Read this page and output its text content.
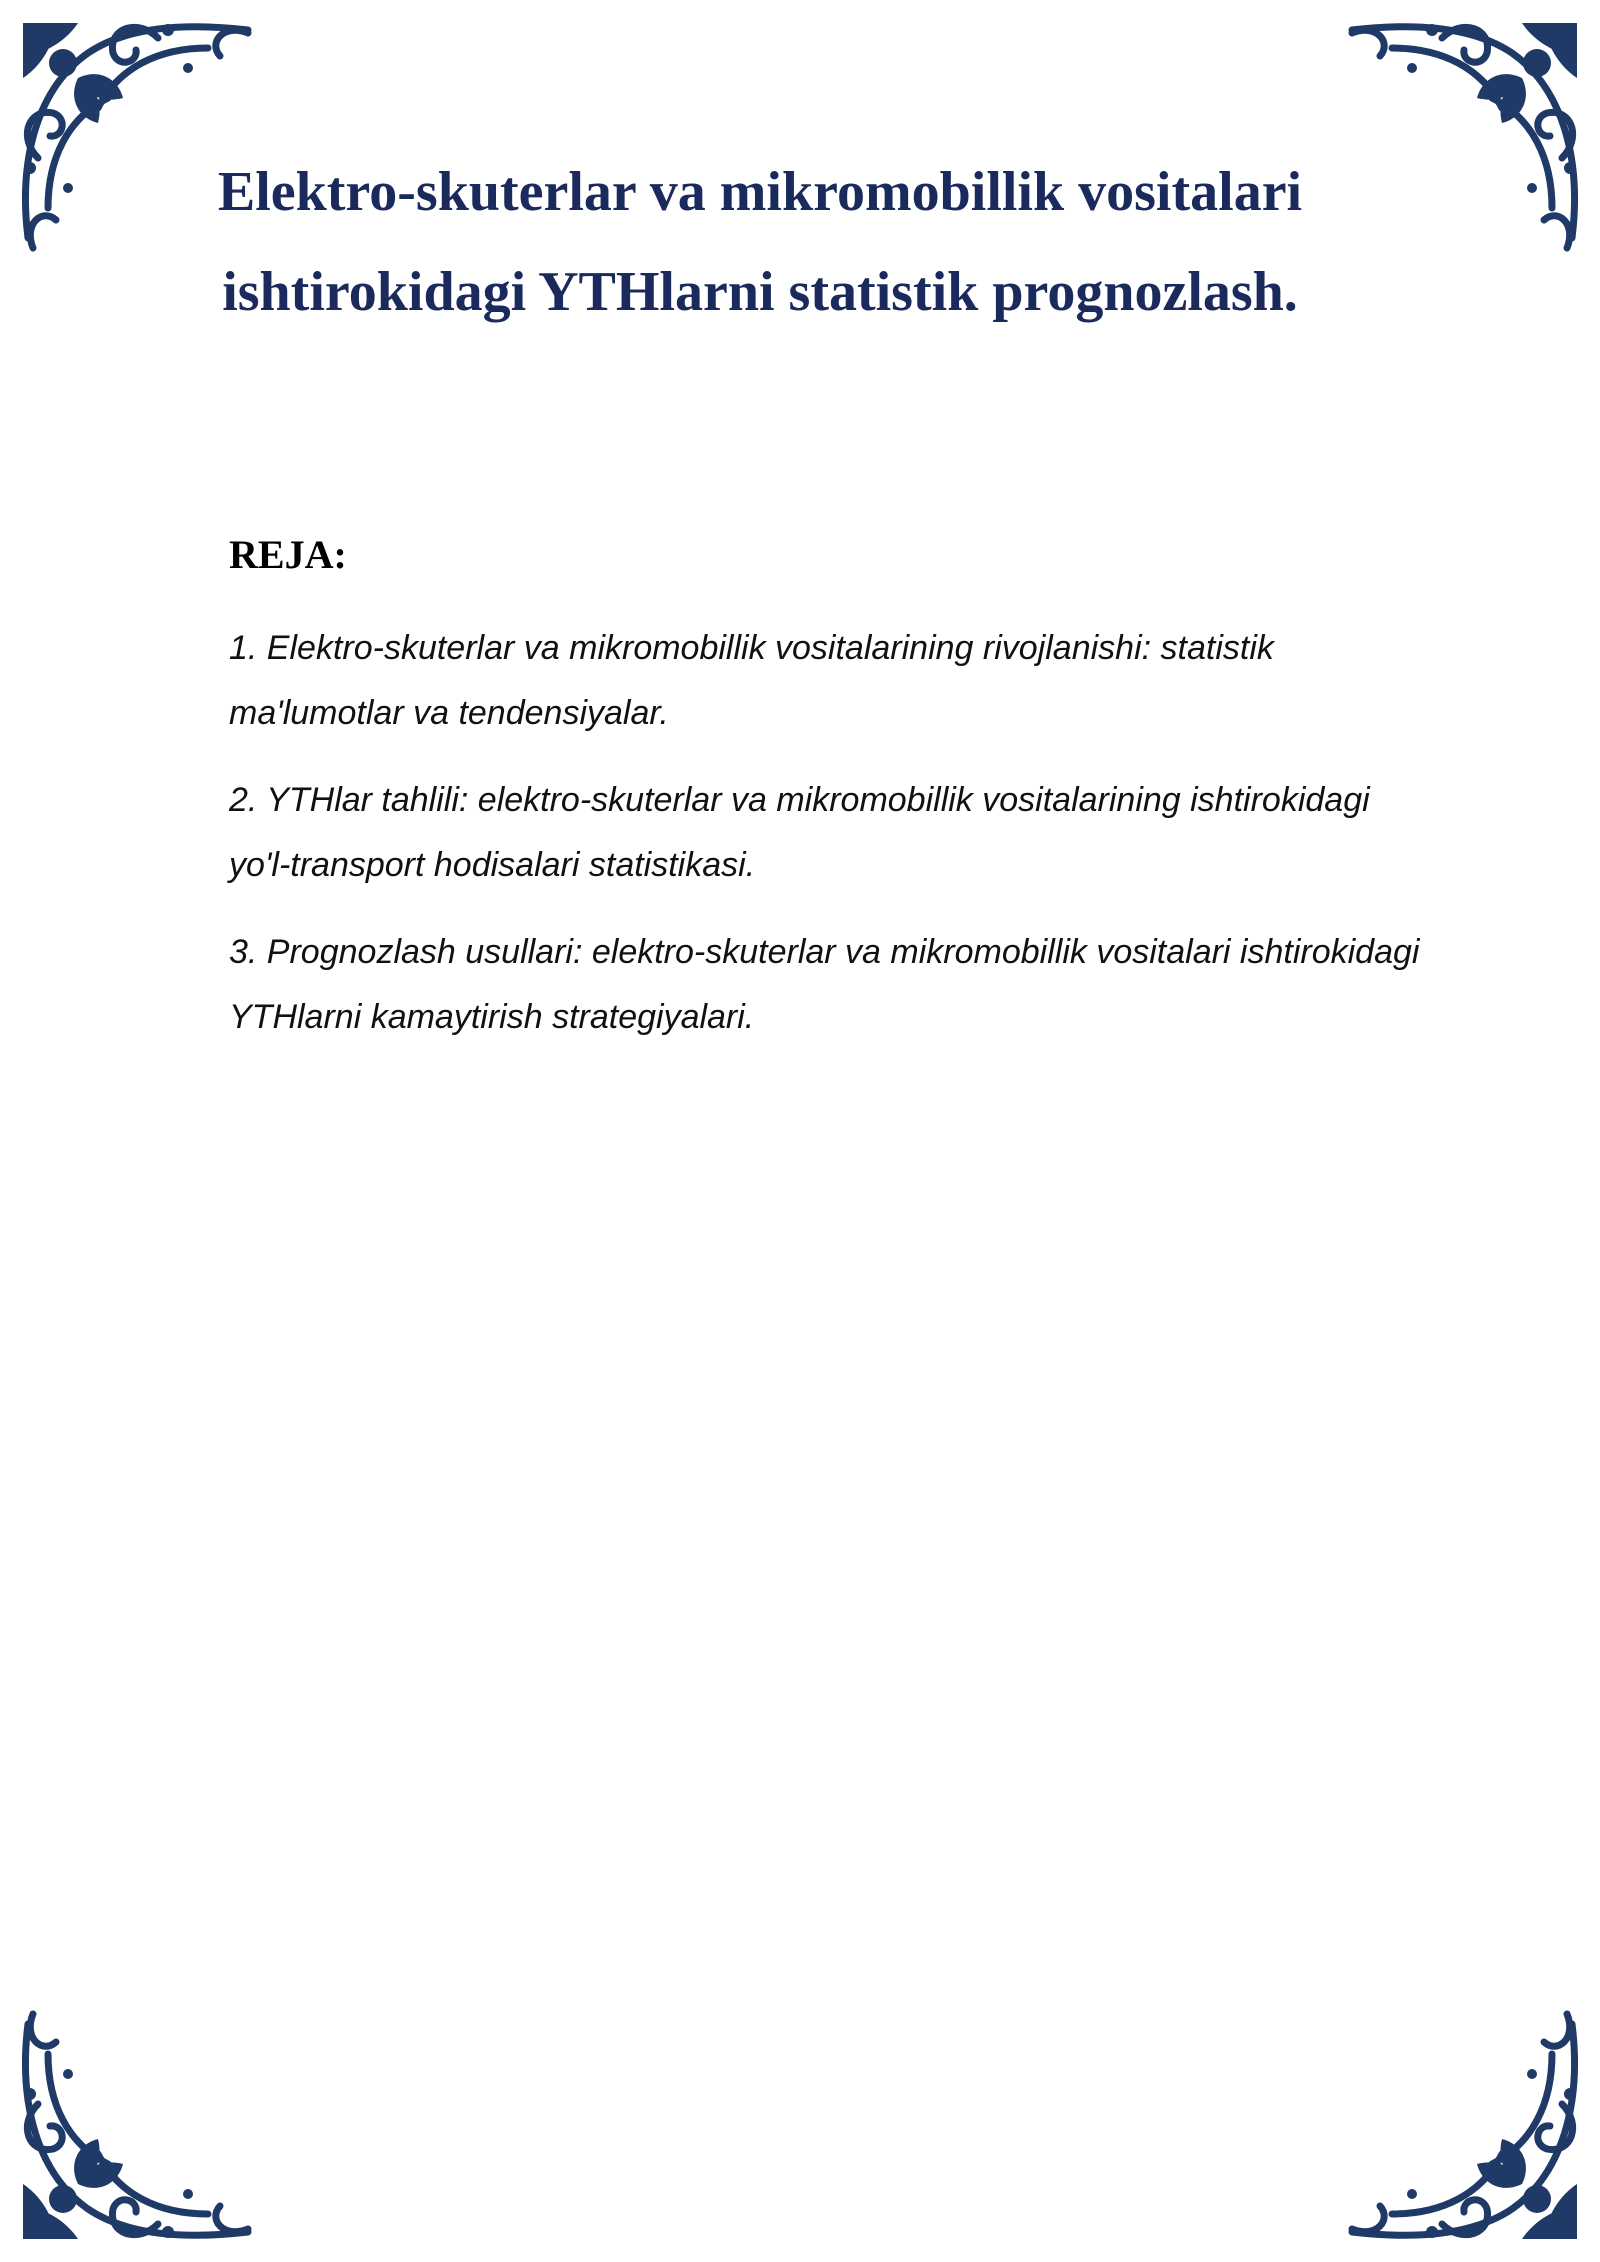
Elektro-skuterlar va mikromobillik vositalari
ishtirokidagi YTHlarni statistik prognozlash.
REJA:
1. Elektro-skuterlar va mikromobillik vositalarining rivojlanishi: statistik
ma'lumotlar va tendensiyalar.
2. YTHlar tahlili: elektro-skuterlar va mikromobillik vositalarining ishtirokidagi
yo'l-transport hodisalari statistikasi.
3. Prognozlash usullari: elektro-skuterlar va mikromobillik vositalari ishtirokidagi
YTHlarni kamaytirish strategiyalari.
